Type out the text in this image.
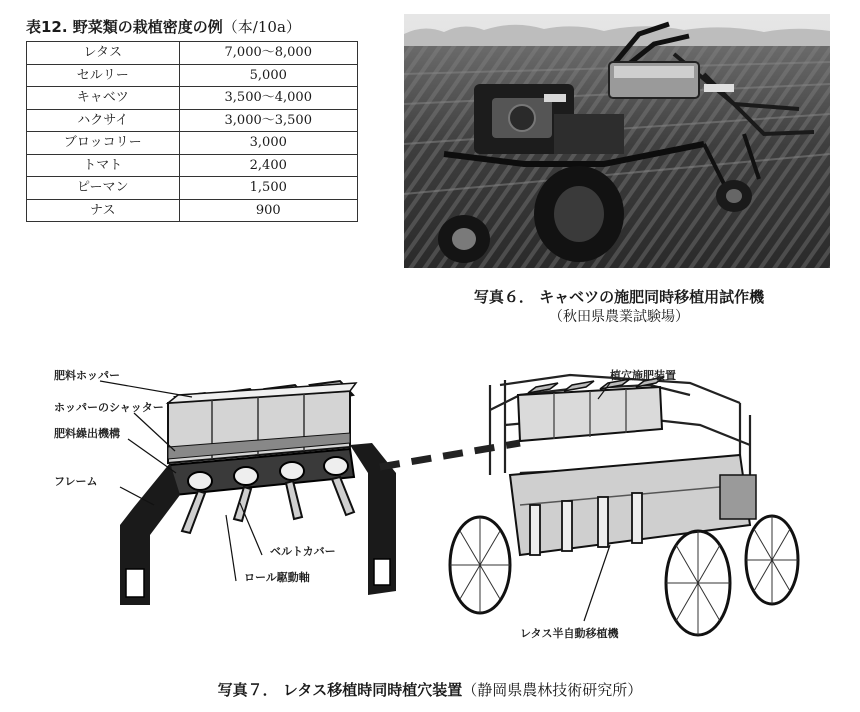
表12. 野菜類の栽植密度の例（本/10a）
レタス	7,000～8,000
セルリー	5,000
キャベツ	3,500～4,000
ハクサイ	3,000～3,500
ブロッコリー	3,000
トマト	2,400
ピーマン	1,500
ナス	900
写真６． キャベツの施肥同時移植用試作機
（秋田県農業試験場）
肥料ホッパー
ホッパーのシャッター
肥料繰出機構
フレーム
ベルトカバー
ロール駆動軸
植穴施肥装置
レタス半自動移植機
写真７． レタス移植時同時植穴装置（静岡県農林技術研究所）
